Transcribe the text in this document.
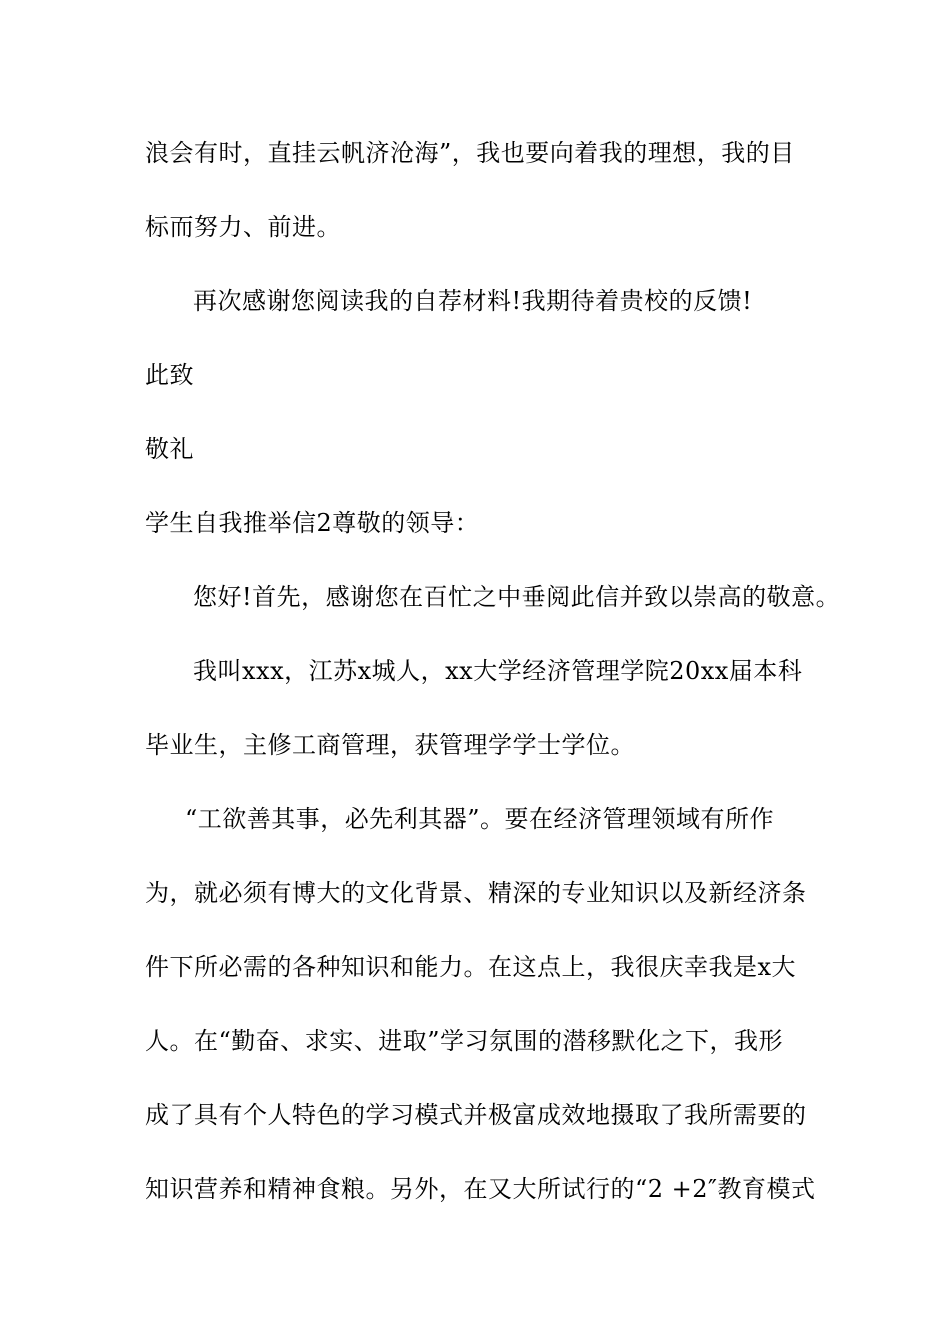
浪会有时，直挂云帆济沧海”，我也要向着我的理想，我的目
标而努力、前进。
再次感谢您阅读我的自荐材料!我期待着贵校的反馈!
此致
敬礼
学生自我推举信2尊敬的领导：
您好!首先，感谢您在百忙之中垂阅此信并致以崇高的敬意。
我叫xxx，江苏x城人，xx大学经济管理学院20xx届本科
毕业生，主修工商管理，获管理学学士学位。
“工欲善其事，必先利其器”。要在经济管理领域有所作
为，就必须有博大的文化背景、精深的专业知识以及新经济条
件下所必需的各种知识和能力。在这点上，我很庆幸我是x大
人。在“勤奋、求实、进取”学习氛围的潜移默化之下，我形
成了具有个人特色的学习模式并极富成效地摄取了我所需要的
知识营养和精神食粮。另外，在又大所试行的“2 +2″教育模式
